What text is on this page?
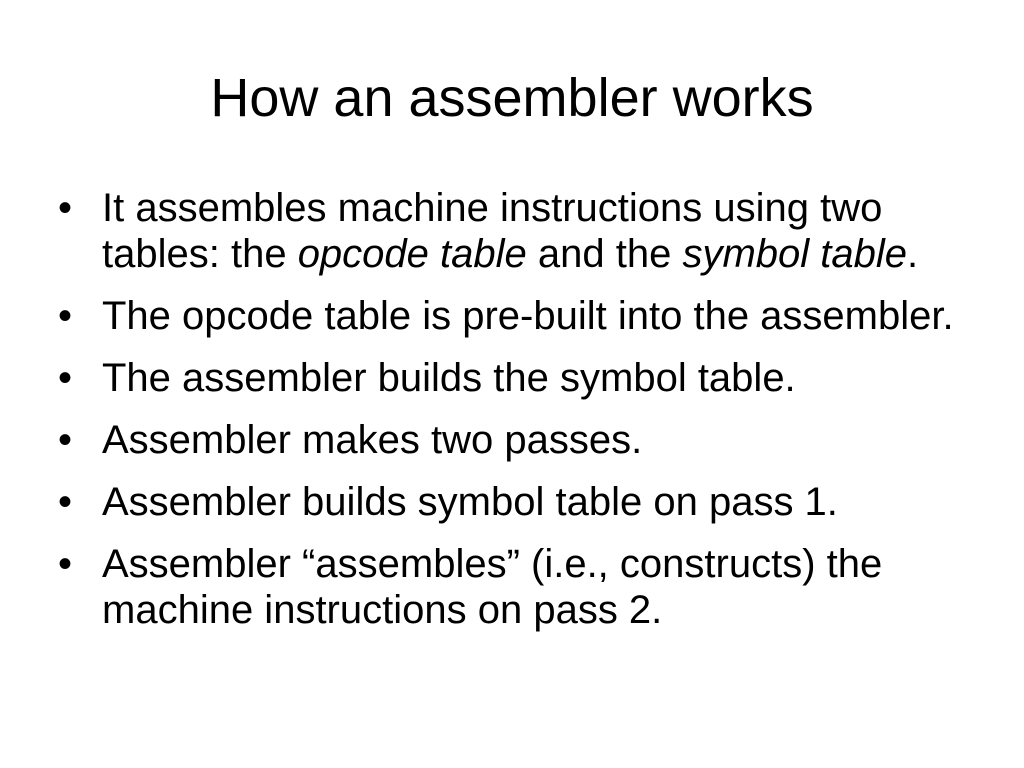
How an assembler works
• It assembles machine instructions using two tables: the opcode table and the symbol table.
• The opcode table is pre-built into the assembler.
• The assembler builds the symbol table.
• Assembler makes two passes.
• Assembler builds symbol table on pass 1.
• Assembler “assembles” (i.e., constructs) the machine instructions on pass 2.
